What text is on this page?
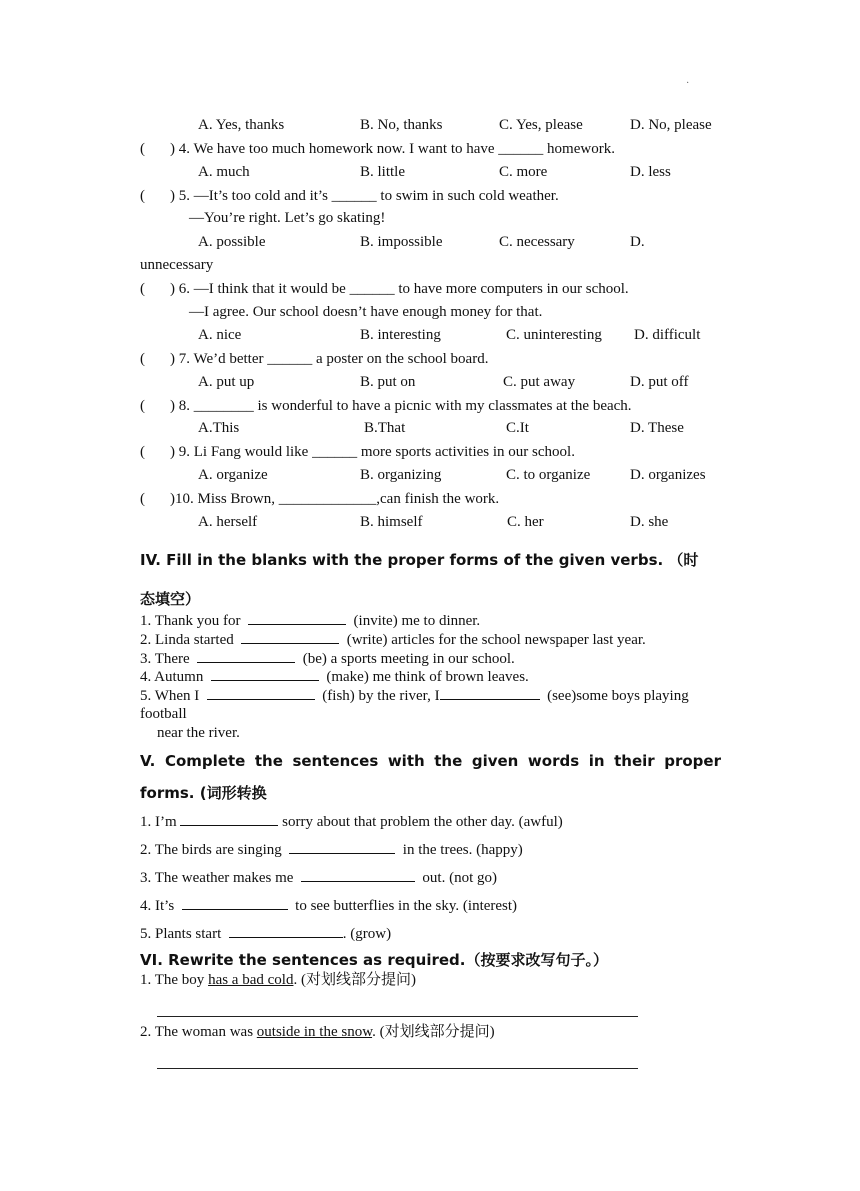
·
A. Yes, thanks	B. No, thanks	C. Yes, please	D. No, please
( ) 4. We have too much homework now. I want to have ______ homework.
A. much	B. little	C. more	D. less
( ) 5. —It’s too cold and it’s ______ to swim in such cold weather.
—You’re right. Let’s go skating!
A. possible	B. impossible	C. necessary	D.
unnecessary
( ) 6. —I think that it would be ______ to have more computers in our school.
—I agree. Our school doesn’t have enough money for that.
A. nice	B. interesting	C. uninteresting D. difficult
( ) 7. We’d better ______ a poster on the school board.
A. put up	B. put on	C. put away	D. put off
( ) 8. ________ is wonderful to have a picnic with my classmates at the beach.
A.This	B.That	C.It	D. These
( ) 9. Li Fang would like ______ more sports activities in our school.
A. organize	B. organizing	C. to organize	D. organizes
( )10. Miss Brown, _____________,can finish the work.
A. herself	B. himself	C. her	D. she
IV. Fill in the blanks with the proper forms of the given verbs. （时
态填空）
1. Thank you for	(invite) me to dinner.
2. Linda started	(write) articles for the school newspaper last year.
3. There	(be) a sports meeting in our school.
4. Autumn	(make) me think of brown leaves.
5. When I	(fish) by the river, I	(see)some boys playing
football
near the river.
V. Complete the sentences with the given words in their proper
forms. (词形转换
1. I’m	sorry about that problem the other day. (awful)
2. The birds are singing	in the trees. (happy)
3. The weather makes me	out. (not go)
4. It’s	to see butterflies in the sky. (interest)
5. Plants start	. (grow)
VI. Rewrite the sentences as required.（按要求改写句子。）
1. The boy has a bad cold. (对划线部分提问)
2. The woman was outside in the snow. (对划线部分提问)
